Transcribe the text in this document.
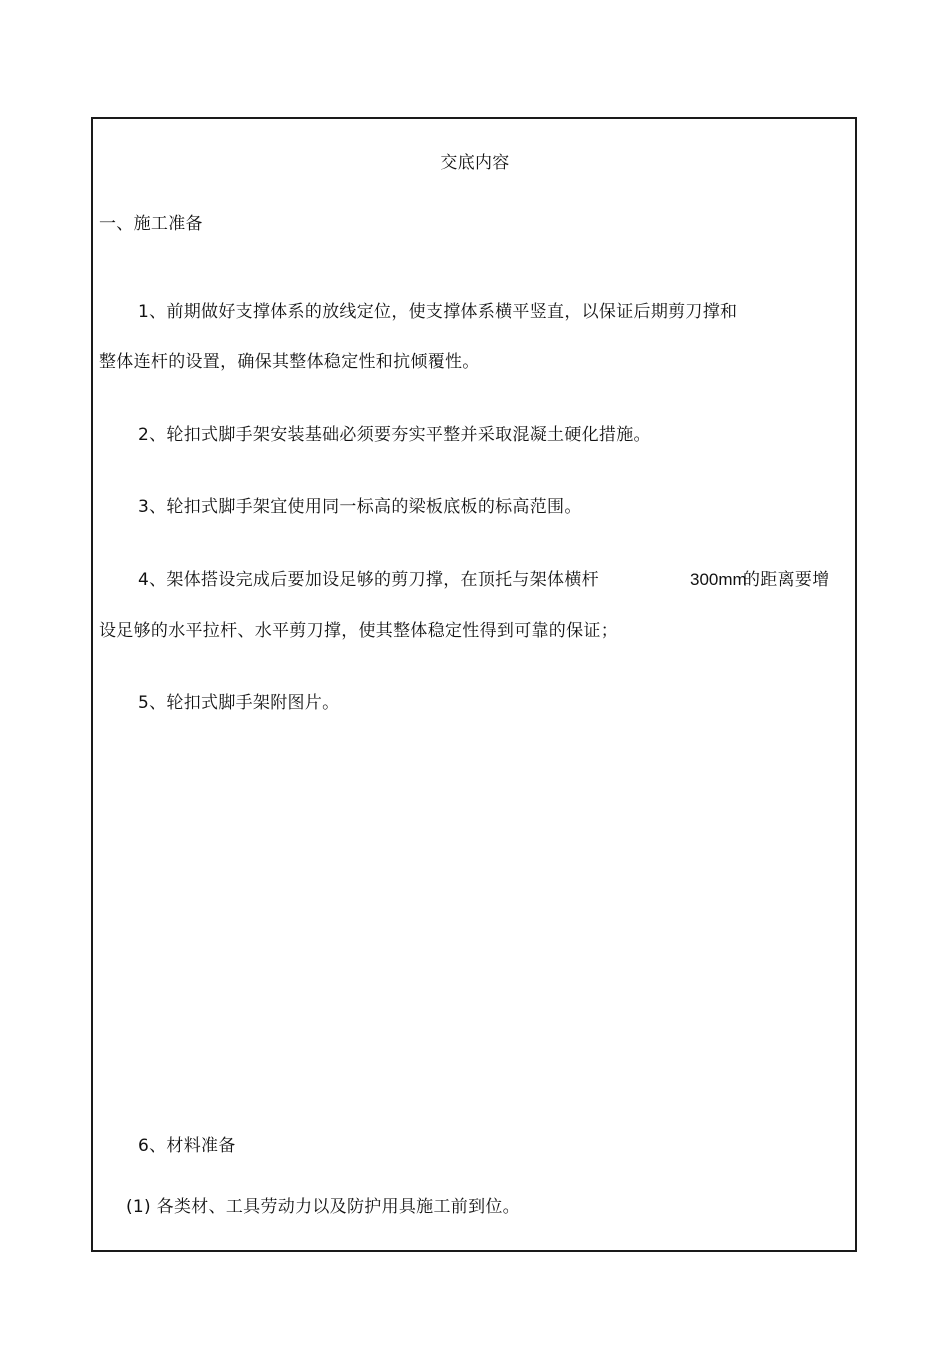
交底内容
一、施工准备
1、前期做好支撑体系的放线定位，使支撑体系横平竖直，以保证后期剪刀撑和
整体连杆的设置，确保其整体稳定性和抗倾覆性。
2、轮扣式脚手架安装基础必须要夯实平整并采取混凝土硬化措施。
3、轮扣式脚手架宜使用同一标高的梁板底板的标高范围。
4、架体搭设完成后要加设足够的剪刀撑，在顶托与架体横杆	300mm
的距离要增
设足够的水平拉杆、水平剪刀撑，使其整体稳定性得到可靠的保证；
5、轮扣式脚手架附图片。
6、材料准备
(1) 各类材、工具劳动力以及防护用具施工前到位。
